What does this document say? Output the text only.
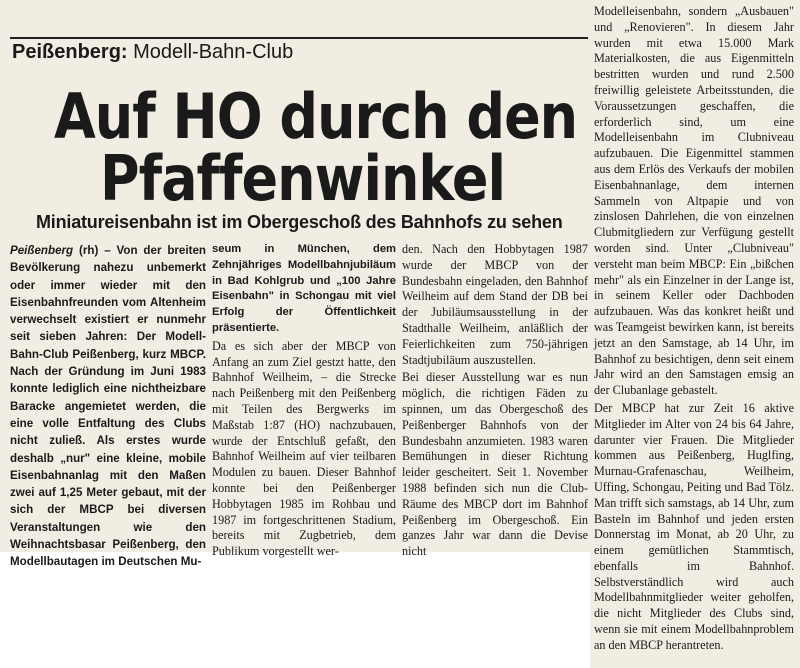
Peißenberg: Modell-Bahn-Club
Auf HO durch den
Pfaffenwinkel
Miniatureisenbahn ist im Obergeschoß des Bahnhofs zu sehen

Peißenberg (rh) – Von der breiten Bevölkerung nahezu unbemerkt oder immer wieder mit den Eisenbahnfreunden vom Altenheim verwechselt existiert er nunmehr seit sieben Jahren: Der Modell-Bahn-Club Peißenberg, kurz MBCP. Nach der Gründung im Juni 1983 konnte lediglich eine nichtheizbare Baracke angemietet werden, die eine volle Entfaltung des Clubs nicht zuließ. Als erstes wurde deshalb „nur" eine kleine, mobile Eisenbahnanlag mit den Maßen zwei auf 1,25 Meter gebaut, mit der sich der MBCP bei diversen Veranstaltungen wie den Weihnachtsbasar Peißenberg, den Modellbautagen im Deutschen Mu-

seum in München, dem Zehnjähriges Modellbahnjubiläum in Bad Kohlgrub und „100 Jahre Eisenbahn" in Schongau mit viel Erfolg der Öffentlichkeit präsentierte.

Da es sich aber der MBCP von Anfang an zum Ziel gestzt hatte, den Bahnhof Weilheim, – die Strecke nach Peißenberg mit den Peißenberg mit Teilen des Bergwerks im Maßstab 1:87 (HO) nachzubauen, wurde der Entschluß gefaßt, den Bahnhof Weilheim auf vier teilbaren Modulen zu bauen. Dieser Bahnhof konnte bei den Peißenberger Hobbytagen 1985 im Rohbau und 1987 im fortgeschrittenen Stadium, bereits mit Zugbetrieb, dem Publikum vorgestellt wer-

den. Nach den Hobbytagen 1987 wurde der MBCP von der Bundesbahn eingeladen, den Bahnhof Weilheim auf dem Stand der DB bei der Jubiläumsausstellung in der Stadthalle Weilheim, anläßlich der Feierlichkeiten zum 750-jährigen Stadtjubiläum auszustellen.

Bei dieser Ausstellung war es nun möglich, die richtigen Fäden zu spinnen, um das Obergeschoß des Peißenberger Bahnhofs von der Bundesbahn anzumieten. 1983 waren Bemühungen in dieser Richtung leider gescheitert. Seit 1. November 1988 befinden sich nun die Club-Räume des MBCP dort im Bahnhof Peißenberg im Obergeschoß. Ein ganzes Jahr war dann die Devise nicht

Modelleisenbahn, sondern „Ausbauen" und „Renovieren". In diesem Jahr wurden mit etwa 15.000 Mark Materialkosten, die aus Eigenmitteln bestritten wurden und rund 2.500 freiwillig geleistete Arbeitsstunden, die Voraussetzungen geschaffen, die erforderlich sind, um eine Modelleisenbahn im Clubniveau aufzubauen. Die Eigenmittel stammen aus dem Erlös des Verkaufs der mobilen Eisenbahnanlage, dem internen Sammeln von Altpapie und von zinslosen Dahrlehen, die von einzelnen Clubmitgliedern zur Verfügung gestellt worden sind. Unter „Clubniveau" versteht man beim MBCP: Ein „bißchen mehr" als ein Einzelner in der Lange ist, in seinem Keller oder Dachboden aufzubauen. Was das konkret heißt und was Teamgeist bewirken kann, ist bereits jetzt an den Samstage, ab 14 Uhr, im Bahnhof zu besichtigen, denn seit einem Jahr wird an den Samstagen emsig an der Clubanlage gebastelt.

Der MBCP hat zur Zeit 16 aktive Mitglieder im Alter von 24 bis 64 Jahre, darunter vier Frauen. Die Mitglieder kommen aus Peißenberg, Huglfing, Murnau-Grafenaschau, Weilheim, Uffing, Schongau, Peiting und Bad Tölz. Man trifft sich samstags, ab 14 Uhr, zum Basteln im Bahnhof und jeden ersten Donnerstag im Monat, ab 20 Uhr, zu einem gemütlichen Stammtisch, ebenfalls im Bahnhof. Selbstverständlich wird auch Modellbahnmitglieder weiter geholfen, die nicht Mitglieder des Clubs sind, wenn sie mit einem Modellbahnproblem an den MBCP herantreten.
